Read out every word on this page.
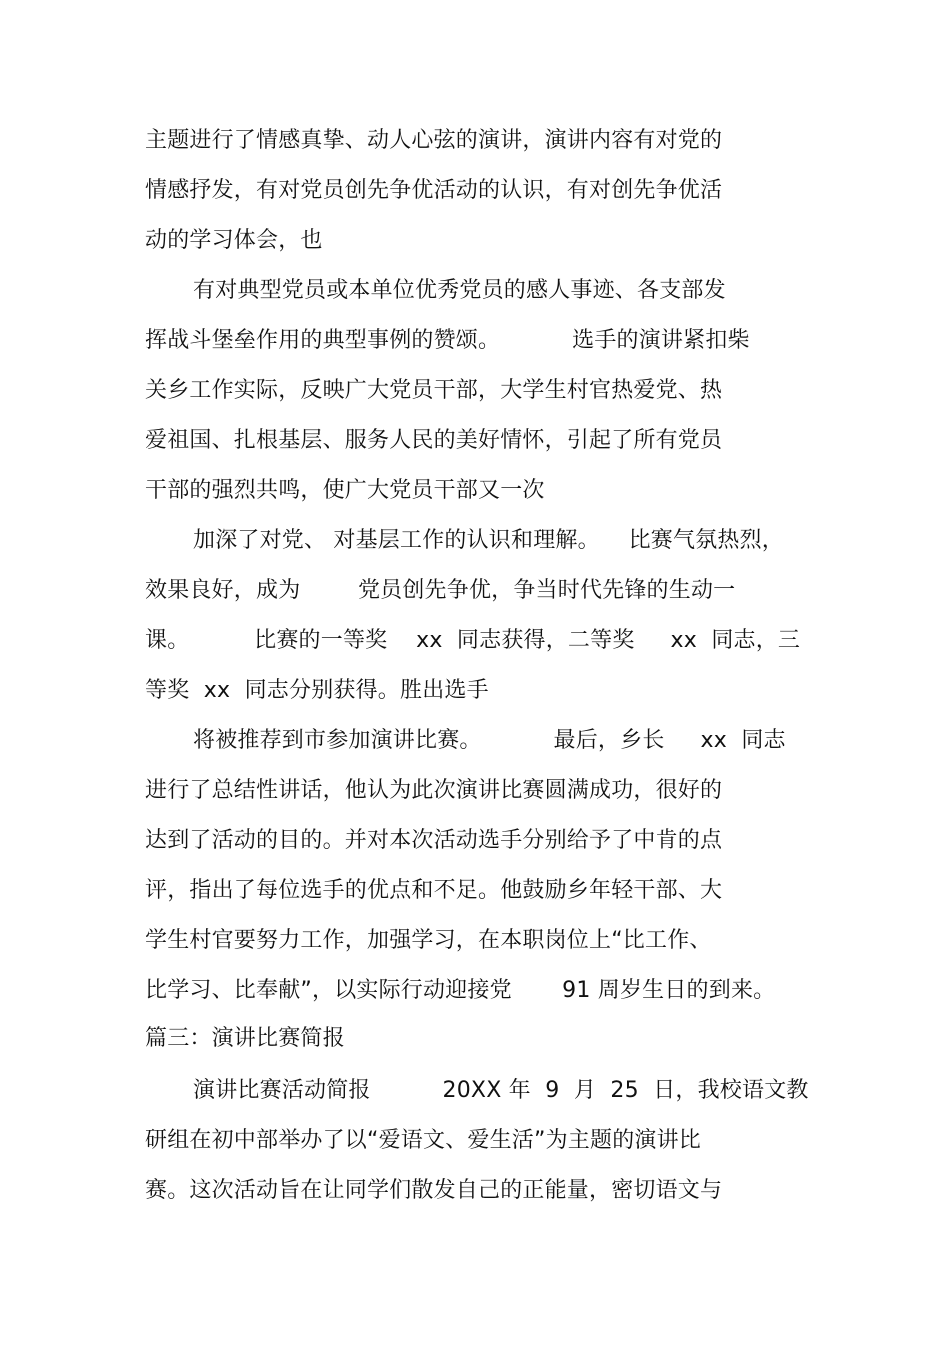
主题进行了情感真挚、动人心弦的演讲，演讲内容有对党的
情感抒发，有对党员创先争优活动的认识，有对创先争优活
动的学习体会，也
有对典型党员或本单位优秀党员的感人事迹、各支部发
挥战斗堡垒作用的典型事例的赞颂。          选手的演讲紧扣柴
关乡工作实际，反映广大党员干部，大学生村官热爱党、热
爱祖国、扎根基层、服务人民的美好情怀，引起了所有党员
干部的强烈共鸣，使广大党员干部又一次
加深了对党、 对基层工作的认识和理解。    比赛气氛热烈，
效果良好，成为        党员创先争优，争当时代先锋的生动一
课。         比赛的一等奖    xx  同志获得，二等奖     xx  同志，三
等奖  xx  同志分别获得。胜出选手
将被推荐到市参加演讲比赛。          最后，乡长     xx  同志
进行了总结性讲话，他认为此次演讲比赛圆满成功，很好的
达到了活动的目的。并对本次活动选手分别给予了中肯的点
评，指出了每位选手的优点和不足。他鼓励乡年轻干部、大
学生村官要努力工作，加强学习，在本职岗位上“比工作、
比学习、比奉献”，以实际行动迎接党       91 周岁生日的到来。
篇三：演讲比赛简报
演讲比赛活动简报          20XX 年  9  月  25  日，我校语文教
研组在初中部举办了以“爱语文、爱生活”为主题的演讲比
赛。这次活动旨在让同学们散发自己的正能量，密切语文与
